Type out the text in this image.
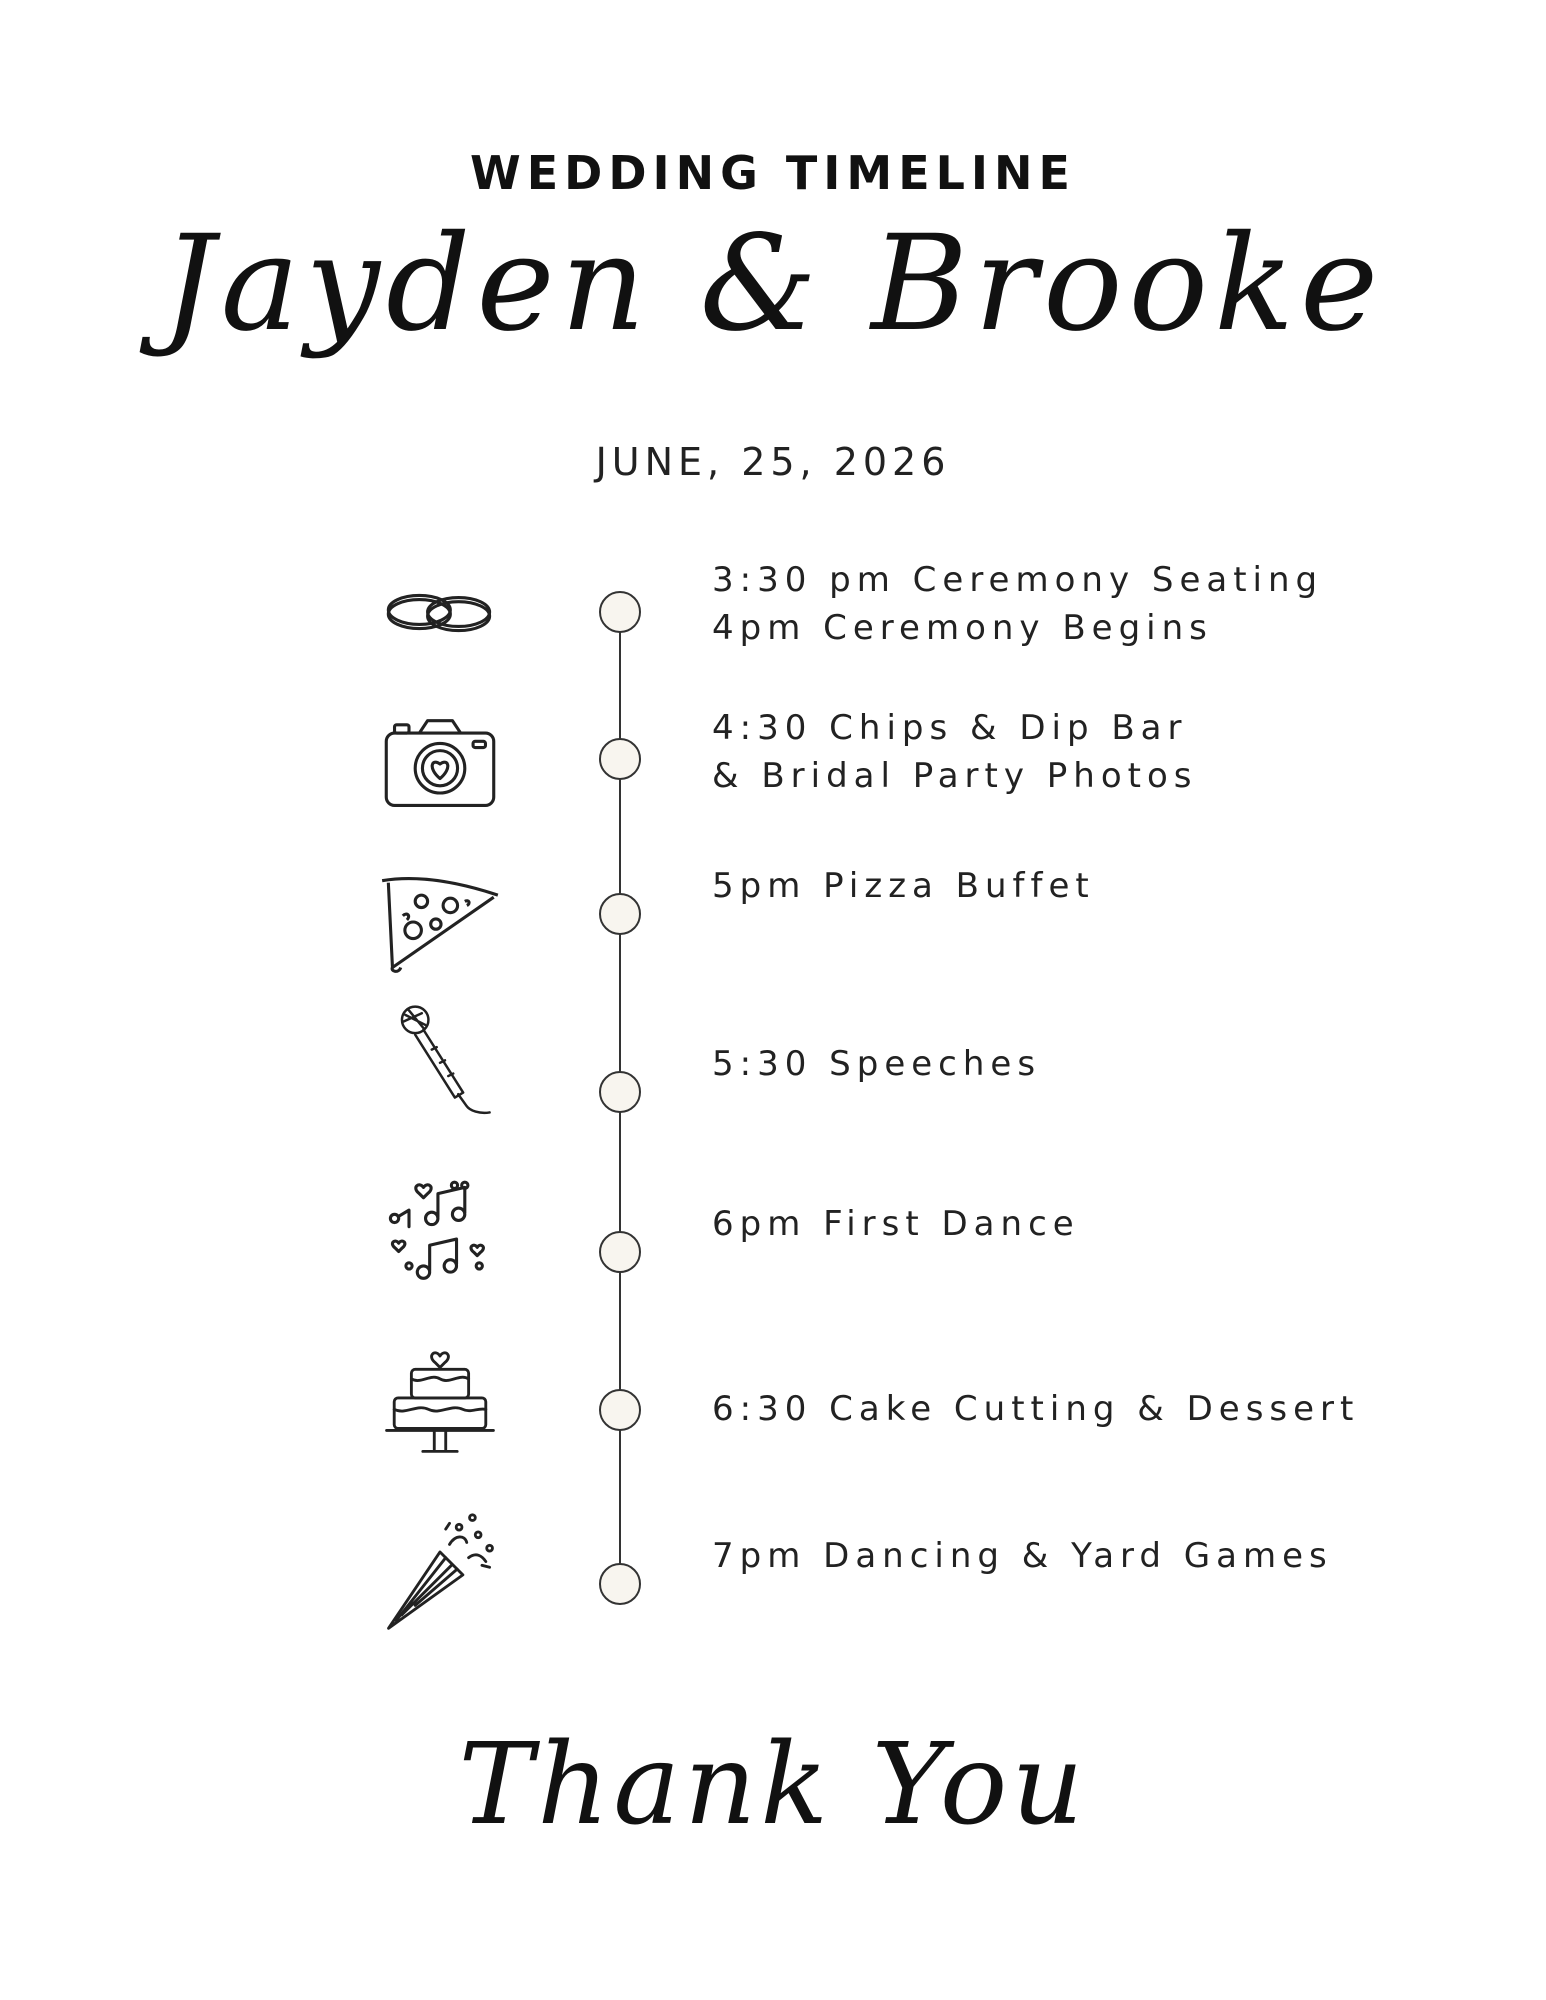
WEDDING TIMELINE
Jayden & Brooke
JUNE, 25, 2026
3:30 pm Ceremony Seating
4pm Ceremony Begins
4:30 Chips & Dip Bar
& Bridal Party Photos
5pm Pizza Buffet
5:30 Speeches
6pm First Dance
6:30 Cake Cutting & Dessert
7pm Dancing & Yard Games
Thank You
